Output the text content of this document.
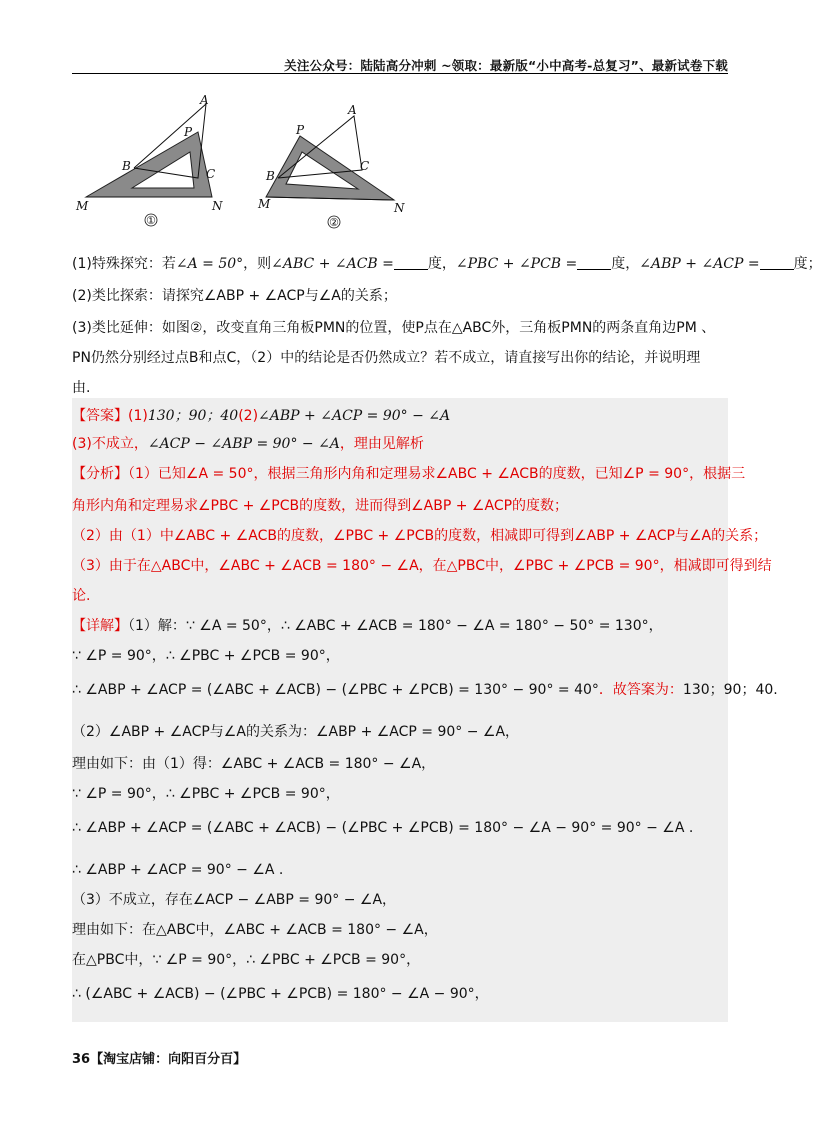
关注公众号：陆陆高分冲刺 ~领取：最新版“小中高考-总复习”、最新试卷下载
A
P
B
C
M	N
①
A
P
B
C
M	N
②
(1)特殊探究：若∠A = 50°，则∠ABC + ∠ACB = 度，∠PBC + ∠PCB = 度，∠ABP + ∠ACP = 度；
(2)类比探索：请探究∠ABP + ∠ACP与∠A的关系；
(3)类比延伸：如图②，改变直角三角板PMN的位置，使P点在△ABC外，三角板PMN的两条直角边PM 、
PN仍然分别经过点B和点C，（2）中的结论是否仍然成立？若不成立，请直接写出你的结论，并说明理
由.
【答案】(1)130；90；40(2)∠ABP + ∠ACP = 90° − ∠A
(3)不成立，∠ACP − ∠ABP = 90° − ∠A，理由见解析
【分析】（1）已知∠A = 50°，根据三角形内角和定理易求∠ABC + ∠ACB的度数，已知∠P = 90°，根据三
角形内角和定理易求∠PBC + ∠PCB的度数，进而得到∠ABP + ∠ACP的度数；
（2）由（1）中∠ABC + ∠ACB的度数，∠PBC + ∠PCB的度数，相减即可得到∠ABP + ∠ACP与∠A的关系；
（3）由于在△ABC中，∠ABC + ∠ACB = 180° − ∠A，在△PBC中，∠PBC + ∠PCB = 90°，相减即可得到结
论.
【详解】（1）解：∵ ∠A = 50°，∴ ∠ABC + ∠ACB = 180° − ∠A = 180° − 50° = 130°，
∵ ∠P = 90°，∴ ∠PBC + ∠PCB = 90°，
∴ ∠ABP + ∠ACP = (∠ABC + ∠ACB) − (∠PBC + ∠PCB) = 130° − 90° = 40°．故答案为：130；90；40.
（2）∠ABP + ∠ACP与∠A的关系为：∠ABP + ∠ACP = 90° − ∠A，
理由如下：由（1）得：∠ABC + ∠ACB = 180° − ∠A，
∵ ∠P = 90°，∴ ∠PBC + ∠PCB = 90°，
∴ ∠ABP + ∠ACP = (∠ABC + ∠ACB) − (∠PBC + ∠PCB) = 180° − ∠A − 90° = 90° − ∠A .
∴ ∠ABP + ∠ACP = 90° − ∠A .
（3）不成立，存在∠ACP − ∠ABP = 90° − ∠A，
理由如下：在△ABC中，∠ABC + ∠ACB = 180° − ∠A，
在△PBC中，∵ ∠P = 90°，∴ ∠PBC + ∠PCB = 90°，
∴ (∠ABC + ∠ACB) − (∠PBC + ∠PCB) = 180° − ∠A − 90°，
36【淘宝店铺：向阳百分百】
